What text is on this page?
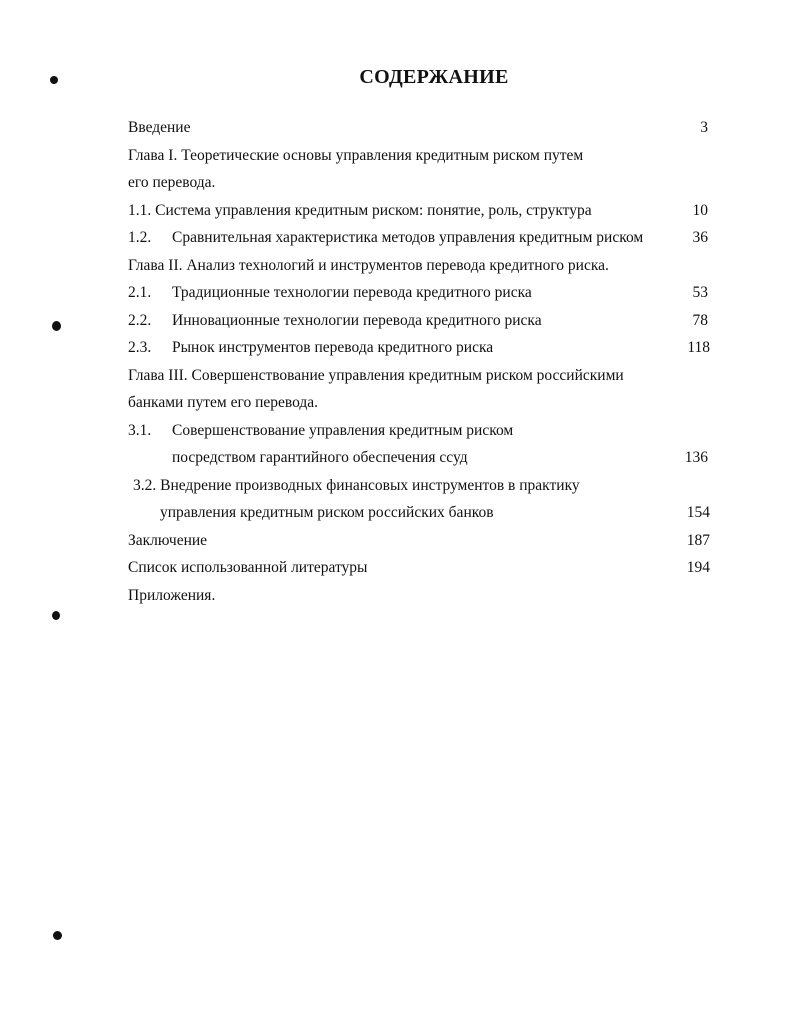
СОДЕРЖАНИЕ
Введение	3
Глава I. Теоретические основы управления кредитным риском путем
его перевода.
1.1. Система управления кредитным риском: понятие, роль, структура	10
1.2. Сравнительная характеристика методов управления кредитным риском	36
Глава II. Анализ технологий и инструментов перевода кредитного риска.
2.1. Традиционные технологии перевода кредитного риска	53
2.2. Инновационные технологии перевода кредитного риска	78
2.3. Рынок инструментов перевода кредитного риска	118
Глава III. Совершенствование управления кредитным риском российскими
банками путем его перевода.
3.1. Совершенствование управления кредитным риском
посредством гарантийного обеспечения ссуд	136
3.2. Внедрение производных финансовых инструментов в практику
управления кредитным риском российских банков	154
Заключение	187
Список использованной литературы	194
Приложения.
